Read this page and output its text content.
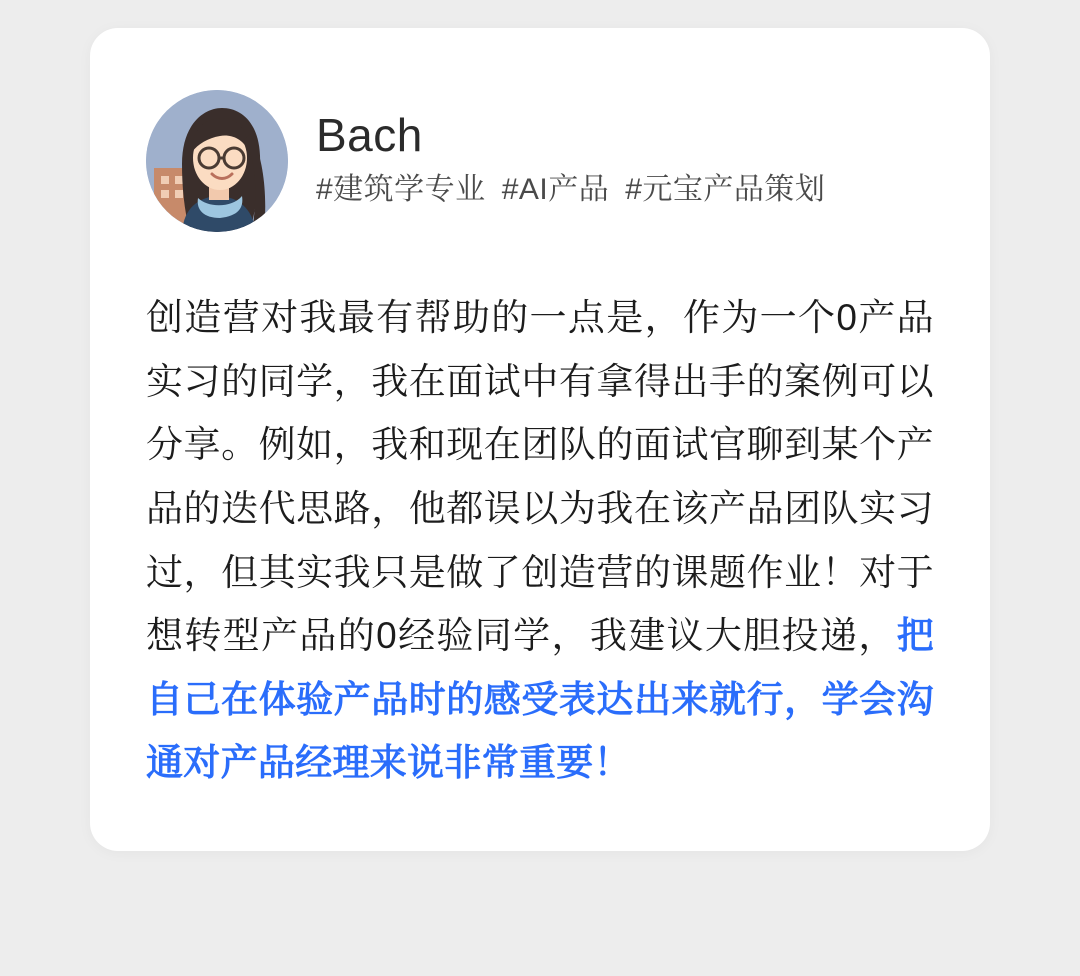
Bach
#建筑学专业 #AI产品 #元宝产品策划
创造营对我最有帮助的一点是，作为一个0产品实习的同学，我在面试中有拿得出手的案例可以分享。例如，我和现在团队的面试官聊到某个产品的迭代思路，他都误以为我在该产品团队实习过，但其实我只是做了创造营的课题作业！对于想转型产品的0经验同学，我建议大胆投递，把自己在体验产品时的感受表达出来就行，学会沟通对产品经理来说非常重要！
